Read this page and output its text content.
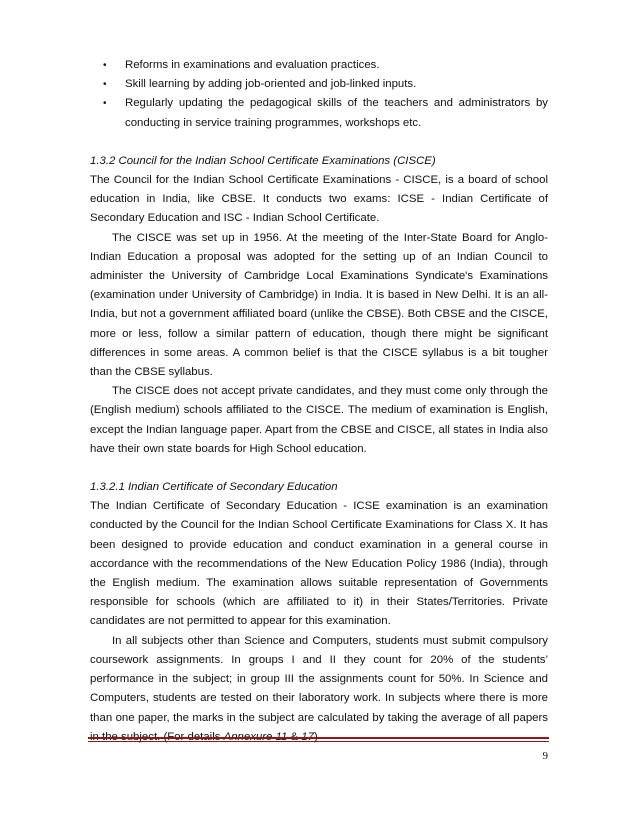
• Reforms in examinations and evaluation practices.
• Skill learning by adding job-oriented and job-linked inputs.
• Regularly updating the pedagogical skills of the teachers and administrators by conducting in service training programmes, workshops etc.

1.3.2 Council for the Indian School Certificate Examinations (CISCE)

The Council for the Indian School Certificate Examinations - CISCE, is a board of school education in India, like CBSE. It conducts two exams: ICSE - Indian Certificate of Secondary Education and ISC - Indian School Certificate.

The CISCE was set up in 1956. At the meeting of the Inter-State Board for Anglo-Indian Education a proposal was adopted for the setting up of an Indian Council to administer the University of Cambridge Local Examinations Syndicate's Examinations (examination under University of Cambridge) in India. It is based in New Delhi. It is an all-India, but not a government affiliated board (unlike the CBSE). Both CBSE and the CISCE, more or less, follow a similar pattern of education, though there might be significant differences in some areas. A common belief is that the CISCE syllabus is a bit tougher than the CBSE syllabus.

The CISCE does not accept private candidates, and they must come only through the (English medium) schools affiliated to the CISCE. The medium of examination is English, except the Indian language paper. Apart from the CBSE and CISCE, all states in India also have their own state boards for High School education.

1.3.2.1 Indian Certificate of Secondary Education

The Indian Certificate of Secondary Education - ICSE examination is an examination conducted by the Council for the Indian School Certificate Examinations for Class X. It has been designed to provide education and conduct examination in a general course in accordance with the recommendations of the New Education Policy 1986 (India), through the English medium. The examination allows suitable representation of Governments responsible for schools (which are affiliated to it) in their States/Territories. Private candidates are not permitted to appear for this examination.

In all subjects other than Science and Computers, students must submit compulsory coursework assignments. In groups I and II they count for 20% of the students’ performance in the subject; in group III the assignments count for 50%. In Science and Computers, students are tested on their laboratory work. In subjects where there is more than one paper, the marks in the subject are calculated by taking the average of all papers

9
